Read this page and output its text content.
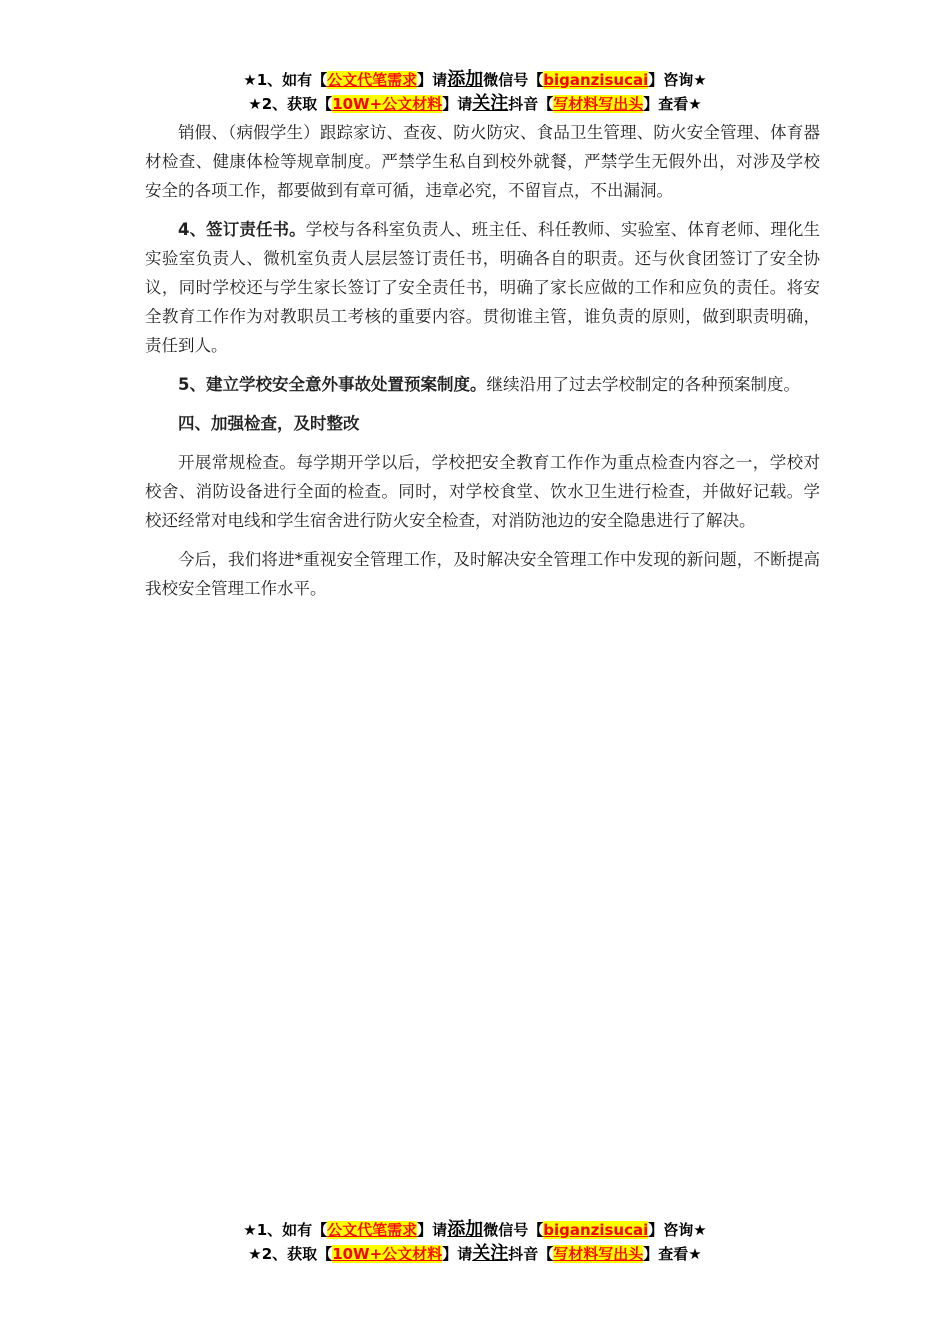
★1、如有【公文代笔需求】请添加微信号【biganzisucai】咨询★
★2、获取【10W+公文材料】请关注抖音【写材料写出头】查看★

销假、（病假学生）跟踪家访、查夜、防火防灾、食品卫生管理、防火安全管理、体育器材检查、健康体检等规章制度。严禁学生私自到校外就餐，严禁学生无假外出，对涉及学校安全的各项工作，都要做到有章可循，违章必究，不留盲点，不出漏洞。

4、签订责任书。学校与各科室负责人、班主任、科任教师、实验室、体育老师、理化生实验室负责人、微机室负责人层层签订责任书，明确各自的职责。还与伙食团签订了安全协议，同时学校还与学生家长签订了安全责任书，明确了家长应做的工作和应负的责任。将安全教育工作作为对教职员工考核的重要内容。贯彻谁主管，谁负责的原则，做到职责明确，责任到人。

5、建立学校安全意外事故处置预案制度。继续沿用了过去学校制定的各种预案制度。

四、加强检查，及时整改

开展常规检查。每学期开学以后，学校把安全教育工作作为重点检查内容之一，学校对校舍、消防设备进行全面的检查。同时，对学校食堂、饮水卫生进行检查，并做好记载。学校还经常对电线和学生宿舍进行防火安全检查，对消防池边的安全隐患进行了解决。

今后，我们将进*重视安全管理工作，及时解决安全管理工作中发现的新问题，不断提高我校安全管理工作水平。

★1、如有【公文代笔需求】请添加微信号【biganzisucai】咨询★
★2、获取【10W+公文材料】请关注抖音【写材料写出头】查看★
